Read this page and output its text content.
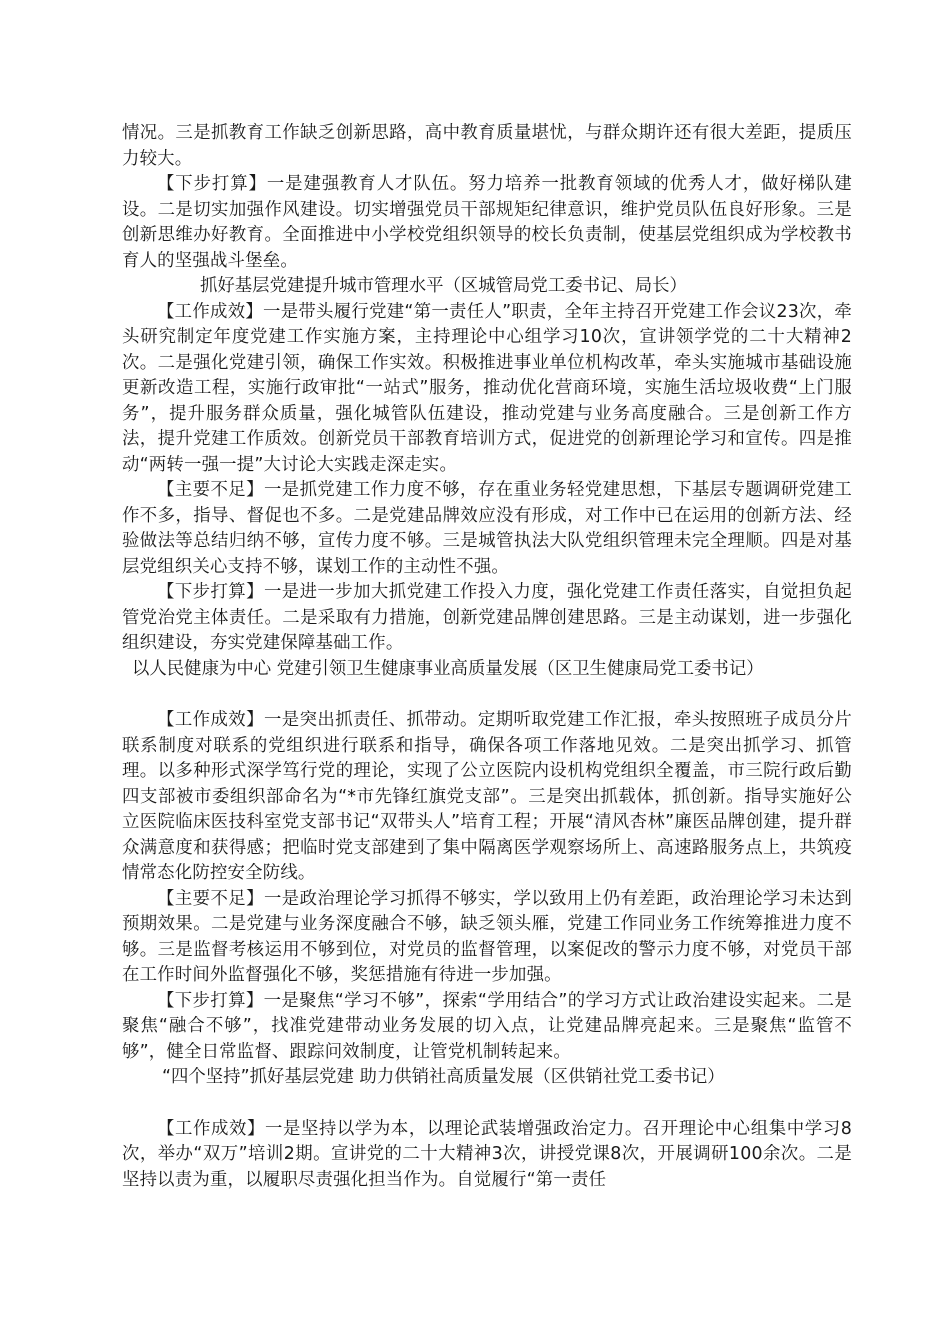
情况。三是抓教育工作缺乏创新思路，高中教育质量堪忧，与群众期许还有很大差距，提质压力较大。

【下步打算】一是建强教育人才队伍。努力培养一批教育领域的优秀人才，做好梯队建设。二是切实加强作风建设。切实增强党员干部规矩纪律意识，维护党员队伍良好形象。三是创新思维办好教育。全面推进中小学校党组织领导的校长负责制，使基层党组织成为学校教书育人的坚强战斗堡垒。

抓好基层党建提升城市管理水平（区城管局党工委书记、局长）

【工作成效】一是带头履行党建“第一责任人”职责，全年主持召开党建工作会议23次，牵头研究制定年度党建工作实施方案，主持理论中心组学习10次，宣讲领学党的二十大精神2次。二是强化党建引领，确保工作实效。积极推进事业单位机构改革，牵头实施城市基础设施更新改造工程，实施行政审批“一站式”服务，推动优化营商环境，实施生活垃圾收费“上门服务”，提升服务群众质量，强化城管队伍建设，推动党建与业务高度融合。三是创新工作方法，提升党建工作质效。创新党员干部教育培训方式，促进党的创新理论学习和宣传。四是推动“两转一强一提”大讨论大实践走深走实。

【主要不足】一是抓党建工作力度不够，存在重业务轻党建思想，下基层专题调研党建工作不多，指导、督促也不多。二是党建品牌效应没有形成，对工作中已在运用的创新方法、经验做法等总结归纳不够，宣传力度不够。三是城管执法大队党组织管理未完全理顺。四是对基层党组织关心支持不够，谋划工作的主动性不强。

【下步打算】一是进一步加大抓党建工作投入力度，强化党建工作责任落实，自觉担负起管党治党主体责任。二是采取有力措施，创新党建品牌创建思路。三是主动谋划，进一步强化组织建设，夯实党建保障基础工作。

以人民健康为中心 党建引领卫生健康事业高质量发展（区卫生健康局党工委书记）

【工作成效】一是突出抓责任、抓带动。定期听取党建工作汇报，牵头按照班子成员分片联系制度对联系的党组织进行联系和指导，确保各项工作落地见效。二是突出抓学习、抓管理。以多种形式深学笃行党的理论，实现了公立医院内设机构党组织全覆盖，市三院行政后勤四支部被市委组织部命名为“*市先锋红旗党支部”。三是突出抓载体，抓创新。指导实施好公立医院临床医技科室党支部书记“双带头人”培育工程；开展“清风杏林”廉医品牌创建，提升群众满意度和获得感；把临时党支部建到了集中隔离医学观察场所上、高速路服务点上，共筑疫情常态化防控安全防线。

【主要不足】一是政治理论学习抓得不够实，学以致用上仍有差距，政治理论学习未达到预期效果。二是党建与业务深度融合不够，缺乏领头雁，党建工作同业务工作统筹推进力度不够。三是监督考核运用不够到位，对党员的监督管理，以案促改的警示力度不够，对党员干部在工作时间外监督强化不够，奖惩措施有待进一步加强。

【下步打算】一是聚焦“学习不够”，探索“学用结合”的学习方式让政治建设实起来。二是聚焦“融合不够”，找准党建带动业务发展的切入点，让党建品牌亮起来。三是聚焦“监管不够”，健全日常监督、跟踪问效制度，让管党机制转起来。

“四个坚持”抓好基层党建 助力供销社高质量发展（区供销社党工委书记）

【工作成效】一是坚持以学为本，以理论武装增强政治定力。召开理论中心组集中学习8次，举办“双万”培训2期。宣讲党的二十大精神3次，讲授党课8次，开展调研100余次。二是坚持以责为重，以履职尽责强化担当作为。自觉履行“第一责任
